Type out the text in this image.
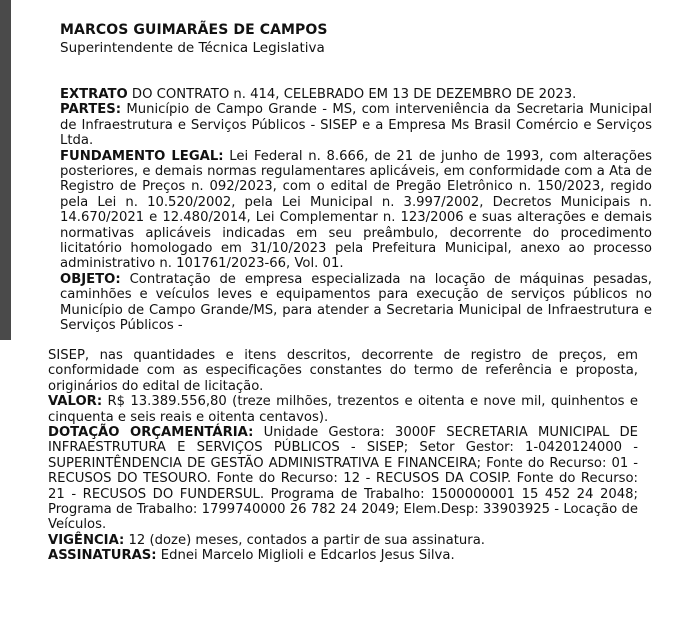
MARCOS GUIMARÃES DE CAMPOS
Superintendente de Técnica Legislativa

EXTRATO DO CONTRATO n. 414, CELEBRADO EM 13 DE DEZEMBRO DE 2023.

PARTES: Município de Campo Grande - MS, com interveniência da Secretaria Municipal de Infraestrutura e Serviços Públicos - SISEP e a Empresa Ms Brasil Comércio e Serviços Ltda.

FUNDAMENTO LEGAL: Lei Federal n. 8.666, de 21 de junho de 1993, com alterações posteriores, e demais normas regulamentares aplicáveis, em conformidade com a Ata de Registro de Preços n. 092/2023, com o edital de Pregão Eletrônico n. 150/2023, regido pela Lei n. 10.520/2002, pela Lei Municipal n. 3.997/2002, Decretos Municipais n. 14.670/2021 e 12.480/2014, Lei Complementar n. 123/2006 e suas alterações e demais normativas aplicáveis indicadas em seu preâmbulo, decorrente do procedimento licitatório homologado em 31/10/2023 pela Prefeitura Municipal, anexo ao processo administrativo n. 101761/2023-66, Vol. 01.

OBJETO: Contratação de empresa especializada na locação de máquinas pesadas, caminhões e veículos leves e equipamentos para execução de serviços públicos no Município de Campo Grande/MS, para atender a Secretaria Municipal de Infraestrutura e Serviços Públicos -

SISEP, nas quantidades e itens descritos, decorrente de registro de preços, em conformidade com as especificações constantes do termo de referência e proposta, originários do edital de licitação.

VALOR: R$ 13.389.556,80 (treze milhões, trezentos e oitenta e nove mil, quinhentos e cinquenta e seis reais e oitenta centavos).

DOTAÇÃO ORÇAMENTÁRIA: Unidade Gestora: 3000F SECRETARIA MUNICIPAL DE INFRAESTRUTURA E SERVIÇOS PÚBLICOS - SISEP; Setor Gestor: 1-0420124000 - SUPERINTÊNDENCIA DE GESTÃO ADMINISTRATIVA E FINANCEIRA; Fonte do Recurso: 01 - RECUSOS DO TESOURO. Fonte do Recurso: 12 - RECUSOS DA COSIP. Fonte do Recurso: 21 - RECUSOS DO FUNDERSUL. Programa de Trabalho: 1500000001 15 452 24 2048; Programa de Trabalho: 1799740000 26 782 24 2049; Elem.Desp: 33903925 - Locação de Veículos.

VIGÊNCIA: 12 (doze) meses, contados a partir de sua assinatura.

ASSINATURAS: Ednei Marcelo Miglioli e Edcarlos Jesus Silva.
